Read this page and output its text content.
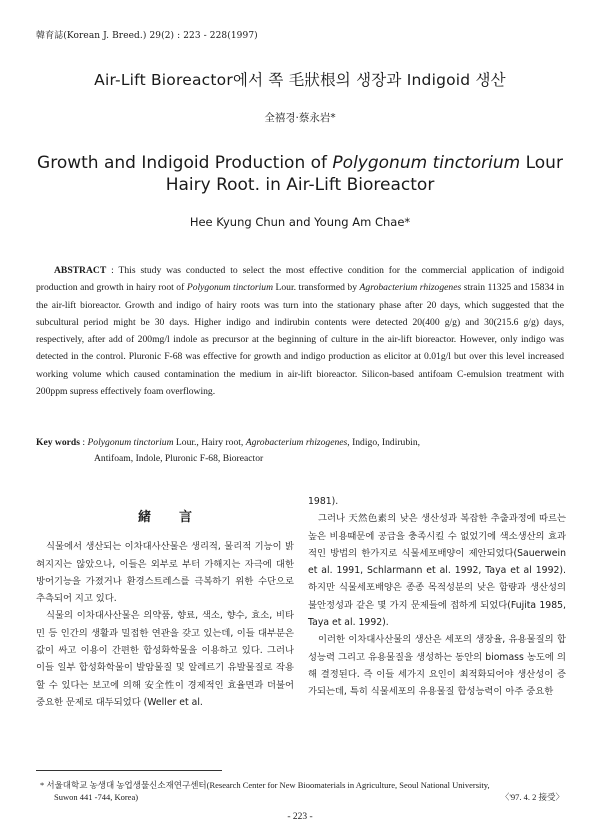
韓育誌(Korean J. Breed.) 29(2) : 223 - 228(1997)
Air-Lift Bioreactor에서 쪽 毛狀根의 생장과 Indigoid 생산
全禧경·蔡永岩*
Growth and Indigoid Production of Polygonum tinctorium Lour
Hairy Root. in Air-Lift Bioreactor
Hee Kyung Chun and Young Am Chae*
ABSTRACT : This study was conducted to select the most effective condition for the commercial application of indigoid production and growth in hairy root of Polygonum tinctorium Lour. transformed by Agrobacterium rhizogenes strain 11325 and 15834 in the air-lift bioreactor. Growth and indigo of hairy roots was turn into the stationary phase after 20 days, which suggested that the subcultural period might be 30 days. Higher indigo and indirubin contents were detected 20(400 g/g) and 30(215.6 g/g) days, respectively, after add of 200mg/l indole as precursor at the beginning of culture in the air-lift bioreactor. However, only indigo was detected in the control. Pluronic F-68 was effective for growth and indigo production as elicitor at 0.01g/l but over this level increased working volume which caused contamination the medium in air-lift bioreactor. Silicon-based antifoam C-emulsion treatment with 200ppm supress effectively foam overflowing.
Key words : Polygonum tinctorium Lour., Hairy root, Agrobacterium rhizogenes, Indigo, Indirubin,
Antifoam, Indole, Pluronic F-68, Bioreactor
緒言

식물에서 생산되는 이차대사산물은 생리적, 물리적 기능이 밝혀지지는 않았으나, 이들은 외부로 부터 가해지는 자극에 대한 방어기능을 가졌거나 환경스트레스를 극복하기 위한 수단으로 추측되어 지고 있다.

식물의 이차대사산물은 의약품, 향료, 색소, 향수, 효소, 비타민 등 인간의 생활과 밀접한 연관을 갖고 있는데, 이들 대부분은 값이 싸고 이용이 간편한 합성화학물을 이용하고 있다. 그러나 이들 일부 합성화학물이 발암물질 및 알레르기 유발물질로 작용할 수 있다는 보고에 의해 安全性이 경제적인 효율면과 더불어 중요한 문제로 대두되었다 (Weller et al.

1981).

그러나 天然色素의 낮은 생산성과 복잡한 추출과정에 따르는 높은 비용때문에 공급을 충족시킬 수 없었기에 색소생산의 효과적인 방법의 한가지로 식물세포배양이 제안되었다(Sauerwein et al. 1991, Schlarmann et al. 1992, Taya et al 1992). 하지만 식물세포배양은 종종 목적성분의 낮은 함량과 생산성의 불안정성과 같은 몇 가지 문제들에 접하게 되었다(Fujita 1985, Taya et al. 1992).

이러한 이차대사산물의 생산은 세포의 생장율, 유용물질의 합성능력 그리고 유용물질을 생성하는 동안의 biomass 농도에 의해 결정된다. 즉 이들 세가지 요인이 최적화되어야 생산성이 증가되는데, 특히 식물세포의 유용물질 합성능력이 아주 중요한

* 서울대학교 농생대 농업생물신소재연구센터(Research Center for New Bioomaterials in Agriculture, Seoul National University,
Suwon 441 -744, Korea)	〈'97. 4. 2 接受〉
- 223 -
